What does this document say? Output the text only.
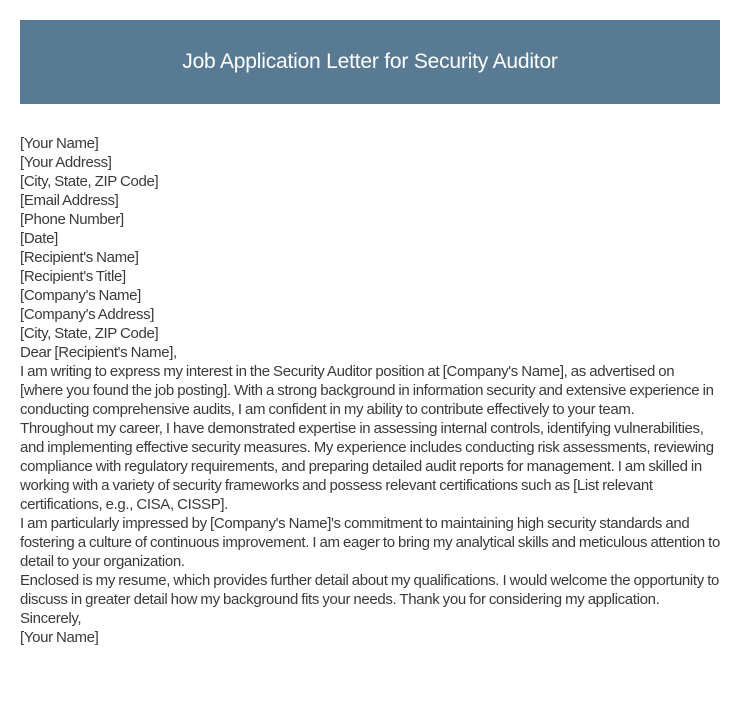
Job Application Letter for Security Auditor
[Your Name]
[Your Address]
[City, State, ZIP Code]
[Email Address]
[Phone Number]
[Date]
[Recipient's Name]
[Recipient's Title]
[Company's Name]
[Company's Address]
[City, State, ZIP Code]
Dear [Recipient's Name],

I am writing to express my interest in the Security Auditor position at [Company's Name], as advertised on [where you found the job posting]. With a strong background in information security and extensive experience in conducting comprehensive audits, I am confident in my ability to contribute effectively to your team.

Throughout my career, I have demonstrated expertise in assessing internal controls, identifying vulnerabilities, and implementing effective security measures. My experience includes conducting risk assessments, reviewing compliance with regulatory requirements, and preparing detailed audit reports for management. I am skilled in working with a variety of security frameworks and possess relevant certifications such as [List relevant certifications, e.g., CISA, CISSP].

I am particularly impressed by [Company's Name]'s commitment to maintaining high security standards and fostering a culture of continuous improvement. I am eager to bring my analytical skills and meticulous attention to detail to your organization.

Enclosed is my resume, which provides further detail about my qualifications. I would welcome the opportunity to discuss in greater detail how my background fits your needs. Thank you for considering my application.

Sincerely,
[Your Name]
